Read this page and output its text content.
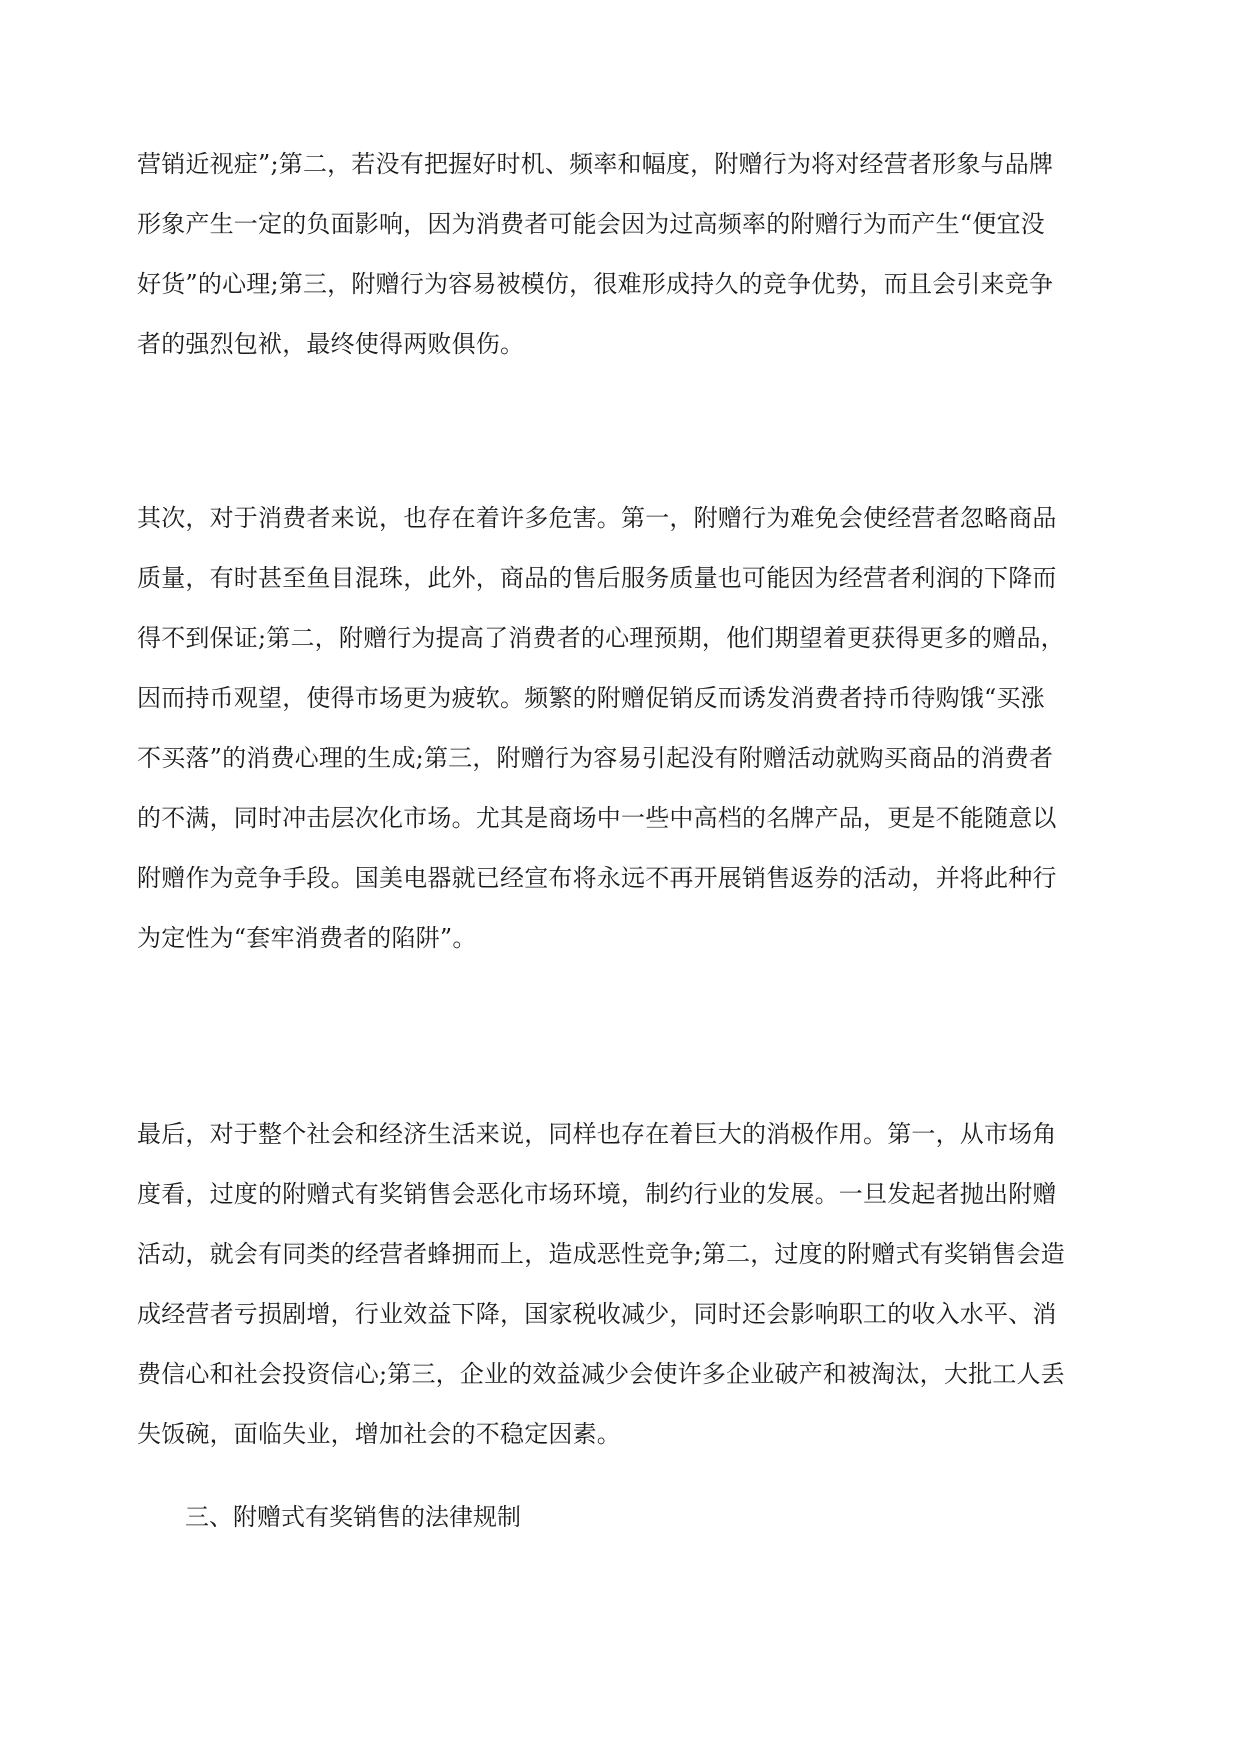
营销近视症”;第二，若没有把握好时机、频率和幅度，附赠行为将对经营者形象与品牌
形象产生一定的负面影响，因为消费者可能会因为过高频率的附赠行为而产生“便宜没
好货”的心理;第三，附赠行为容易被模仿，很难形成持久的竞争优势，而且会引来竞争
者的强烈包袱，最终使得两败俱伤。
其次，对于消费者来说，也存在着许多危害。第一，附赠行为难免会使经营者忽略商品
质量，有时甚至鱼目混珠，此外，商品的售后服务质量也可能因为经营者利润的下降而
得不到保证;第二，附赠行为提高了消费者的心理预期，他们期望着更获得更多的赠品，
因而持币观望，使得市场更为疲软。频繁的附赠促销反而诱发消费者持币待购饿“买涨
不买落”的消费心理的生成;第三，附赠行为容易引起没有附赠活动就购买商品的消费者
的不满，同时冲击层次化市场。尤其是商场中一些中高档的名牌产品，更是不能随意以
附赠作为竞争手段。国美电器就已经宣布将永远不再开展销售返券的活动，并将此种行
为定性为“套牢消费者的陷阱”。
最后，对于整个社会和经济生活来说，同样也存在着巨大的消极作用。第一，从市场角
度看，过度的附赠式有奖销售会恶化市场环境，制约行业的发展。一旦发起者抛出附赠
活动，就会有同类的经营者蜂拥而上，造成恶性竞争;第二，过度的附赠式有奖销售会造
成经营者亏损剧增，行业效益下降，国家税收减少，同时还会影响职工的收入水平、消
费信心和社会投资信心;第三，企业的效益减少会使许多企业破产和被淘汰，大批工人丢
失饭碗，面临失业，增加社会的不稳定因素。
三、附赠式有奖销售的法律规制
